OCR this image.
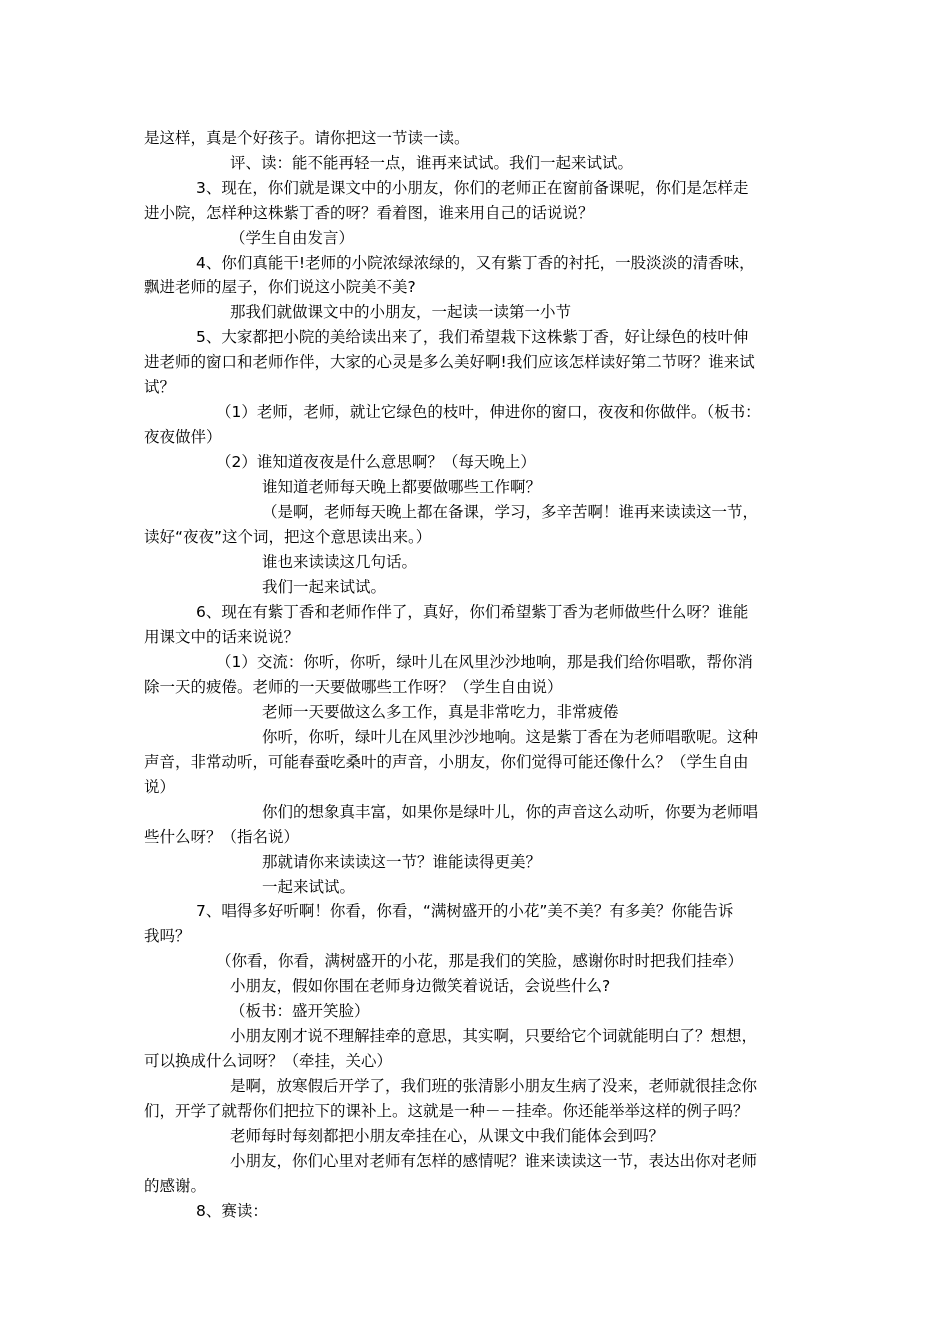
是这样，真是个好孩子。请你把这一节读一读。
评、读：能不能再轻一点，谁再来试试。我们一起来试试。
3、现在，你们就是课文中的小朋友，你们的老师正在窗前备课呢，你们是怎样走
进小院，怎样种这株紫丁香的呀？看着图，谁来用自己的话说说？
（学生自由发言）
4、你们真能干!老师的小院浓绿浓绿的，又有紫丁香的衬托，一股淡淡的清香味，
飘进老师的屋子，你们说这小院美不美?
那我们就做课文中的小朋友，一起读一读第一小节
5、大家都把小院的美给读出来了，我们希望栽下这株紫丁香，好让绿色的枝叶伸
进老师的窗口和老师作伴，大家的心灵是多么美好啊!我们应该怎样读好第二节呀？谁来试
试？
（1）老师，老师，就让它绿色的枝叶，伸进你的窗口，夜夜和你做伴。（板书：
夜夜做伴）
（2）谁知道夜夜是什么意思啊？（每天晚上）
谁知道老师每天晚上都要做哪些工作啊？
（是啊，老师每天晚上都在备课，学习，多辛苦啊！谁再来读读这一节，
读好“夜夜”这个词，把这个意思读出来。）
谁也来读读这几句话。
我们一起来试试。
6、现在有紫丁香和老师作伴了，真好，你们希望紫丁香为老师做些什么呀？谁能
用课文中的话来说说？
（1）交流：你听，你听，绿叶儿在风里沙沙地响，那是我们给你唱歌，帮你消
除一天的疲倦。老师的一天要做哪些工作呀？（学生自由说）
老师一天要做这么多工作，真是非常吃力，非常疲倦
你听，你听，绿叶儿在风里沙沙地响。这是紫丁香在为老师唱歌呢。这种
声音，非常动听，可能春蚕吃桑叶的声音，小朋友，你们觉得可能还像什么？（学生自由
说）
你们的想象真丰富，如果你是绿叶儿，你的声音这么动听，你要为老师唱
些什么呀？（指名说）
那就请你来读读这一节？谁能读得更美？
一起来试试。
7、唱得多好听啊！你看，你看，“满树盛开的小花”美不美？有多美？你能告诉
我吗？
（你看，你看，满树盛开的小花，那是我们的笑脸，感谢你时时把我们挂牵）
小朋友，假如你围在老师身边微笑着说话，会说些什么?
（板书：盛开笑脸）
小朋友刚才说不理解挂牵的意思，其实啊，只要给它个词就能明白了？想想，
可以换成什么词呀？（牵挂，关心）
是啊，放寒假后开学了，我们班的张清影小朋友生病了没来，老师就很挂念你
们，开学了就帮你们把拉下的课补上。这就是一种－－挂牵。你还能举举这样的例子吗？
老师每时每刻都把小朋友牵挂在心，从课文中我们能体会到吗？
小朋友，你们心里对老师有怎样的感情呢？谁来读读这一节，表达出你对老师
的感谢。
8、赛读：
